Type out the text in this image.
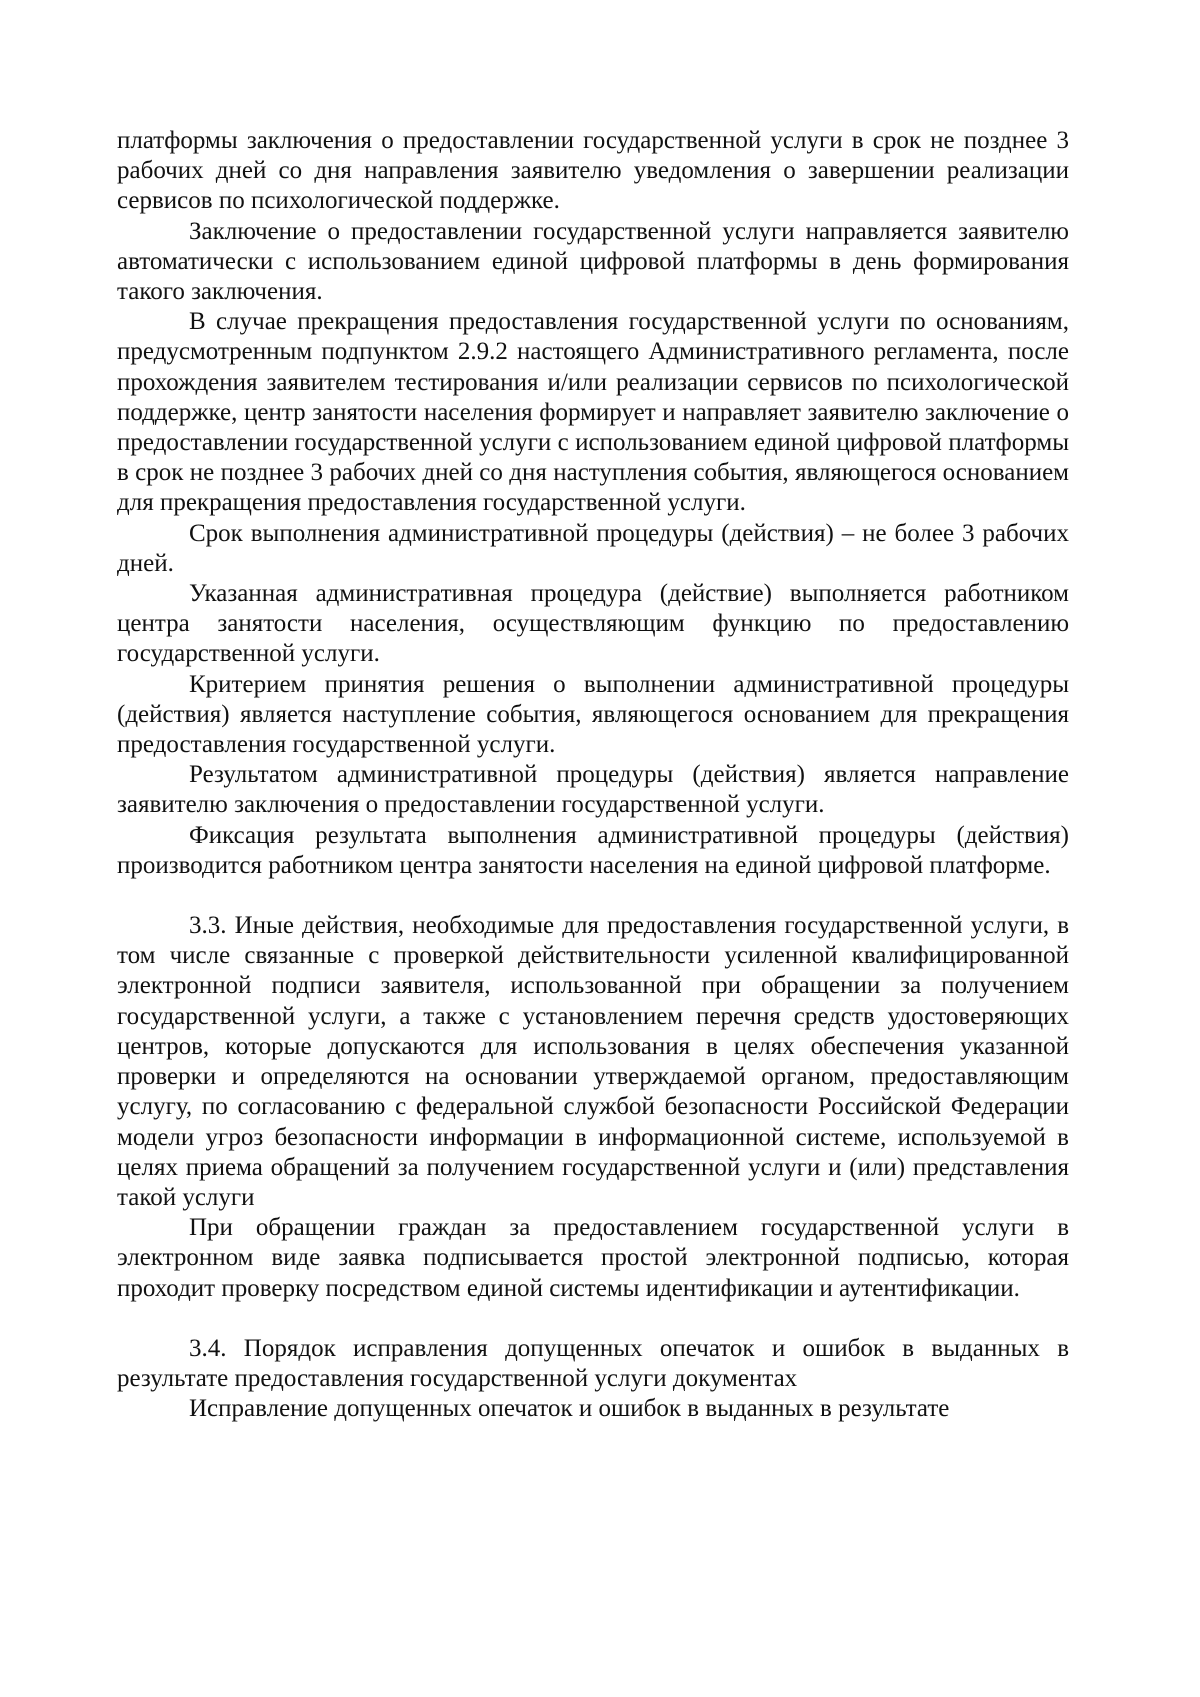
платформы заключения о предоставлении государственной услуги в срок не позднее 3 рабочих дней со дня направления заявителю уведомления о завершении реализации сервисов по психологической поддержке.

Заключение о предоставлении государственной услуги направляется заявителю автоматически с использованием единой цифровой платформы в день формирования такого заключения.

В случае прекращения предоставления государственной услуги по основаниям, предусмотренным подпунктом 2.9.2 настоящего Административного регламента, после прохождения заявителем тестирования и/или реализации сервисов по психологической поддержке, центр занятости населения формирует и направляет заявителю заключение о предоставлении государственной услуги с использованием единой цифровой платформы в срок не позднее 3 рабочих дней со дня наступления события, являющегося основанием для прекращения предоставления государственной услуги.

Срок выполнения административной процедуры (действия) – не более 3 рабочих дней.

Указанная административная процедура (действие) выполняется работником центра занятости населения, осуществляющим функцию по предоставлению государственной услуги.

Критерием принятия решения о выполнении административной процедуры (действия) является наступление события, являющегося основанием для прекращения предоставления государственной услуги.

Результатом административной процедуры (действия) является направление заявителю заключения о предоставлении государственной услуги.

Фиксация результата выполнения административной процедуры (действия) производится работником центра занятости населения на единой цифровой платформе.

3.3. Иные действия, необходимые для предоставления государственной услуги, в том числе связанные с проверкой действительности усиленной квалифицированной электронной подписи заявителя, использованной при обращении за получением государственной услуги, а также с установлением перечня средств удостоверяющих центров, которые допускаются для использования в целях обеспечения указанной проверки и определяются на основании утверждаемой органом, предоставляющим услугу, по согласованию с федеральной службой безопасности Российской Федерации модели угроз безопасности информации в информационной системе, используемой в целях приема обращений за получением государственной услуги и (или) представления такой услуги

При обращении граждан за предоставлением государственной услуги в электронном виде заявка подписывается простой электронной подписью, которая проходит проверку посредством единой системы идентификации и аутентификации.

3.4. Порядок исправления допущенных опечаток и ошибок в выданных в результате предоставления государственной услуги документах

Исправление допущенных опечаток и ошибок в выданных в результате
